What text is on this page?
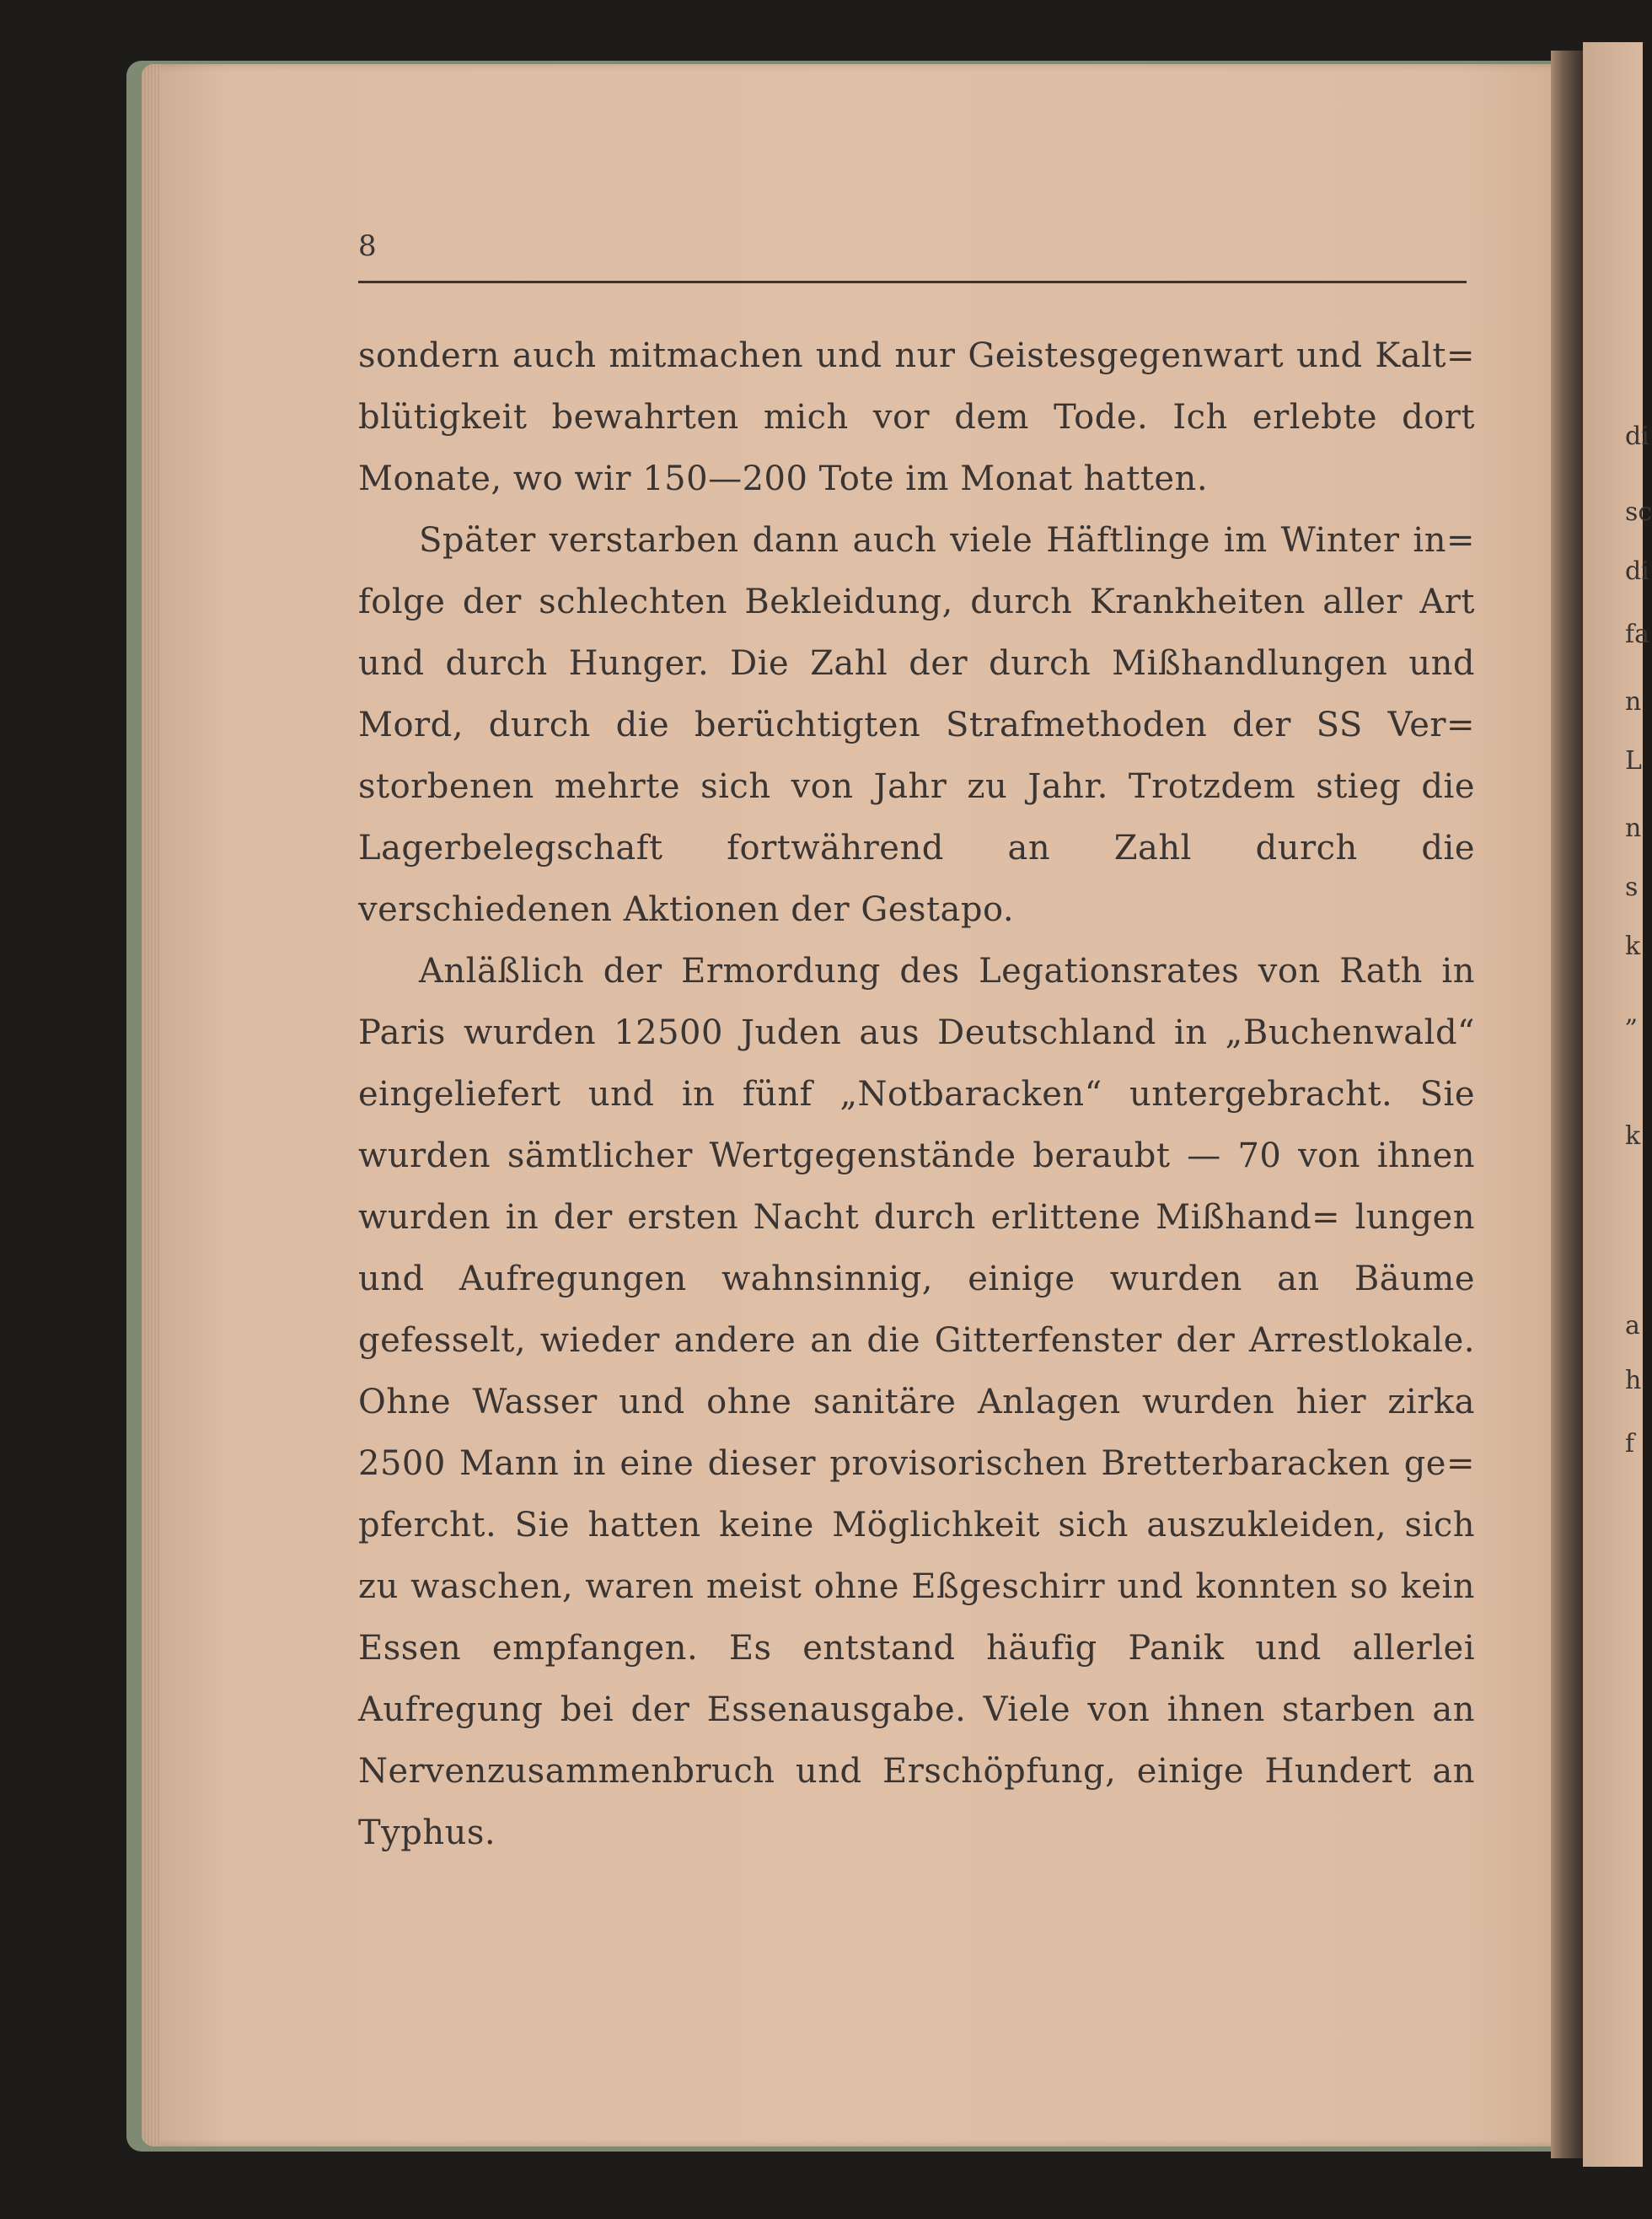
di
sc
di
fa
n
L
n
s
k
„
k
a
h
f
8

sondern auch mitmachen und nur Geistesgegenwart und Kalt= blütigkeit bewahrten mich vor dem Tode. Ich erlebte dort Monate, wo wir 150—200 Tote im Monat hatten.

Später verstarben dann auch viele Häftlinge im Winter in= folge der schlechten Bekleidung, durch Krankheiten aller Art und durch Hunger. Die Zahl der durch Mißhandlungen und Mord, durch die berüchtigten Strafmethoden der SS Ver= storbenen mehrte sich von Jahr zu Jahr. Trotzdem stieg die Lagerbelegschaft fortwährend an Zahl durch die verschiedenen Aktionen der Gestapo.

Anläßlich der Ermordung des Legationsrates von Rath in Paris wurden 12500 Juden aus Deutschland in „Buchenwald“ eingeliefert und in fünf „Notbaracken“ untergebracht. Sie wurden sämtlicher Wertgegenstände beraubt — 70 von ihnen wurden in der ersten Nacht durch erlittene Mißhand= lungen und Aufregungen wahnsinnig, einige wurden an Bäume gefesselt, wieder andere an die Gitterfenster der Arrestlokale. Ohne Wasser und ohne sanitäre Anlagen wurden hier zirka 2500 Mann in eine dieser provisorischen Bretterbaracken ge= pfercht. Sie hatten keine Möglichkeit sich auszukleiden, sich zu waschen, waren meist ohne Eßgeschirr und konnten so kein Essen empfangen. Es entstand häufig Panik und allerlei Aufregung bei der Essenausgabe. Viele von ihnen starben an Nervenzusammenbruch und Erschöpfung, einige Hundert an Typhus.
